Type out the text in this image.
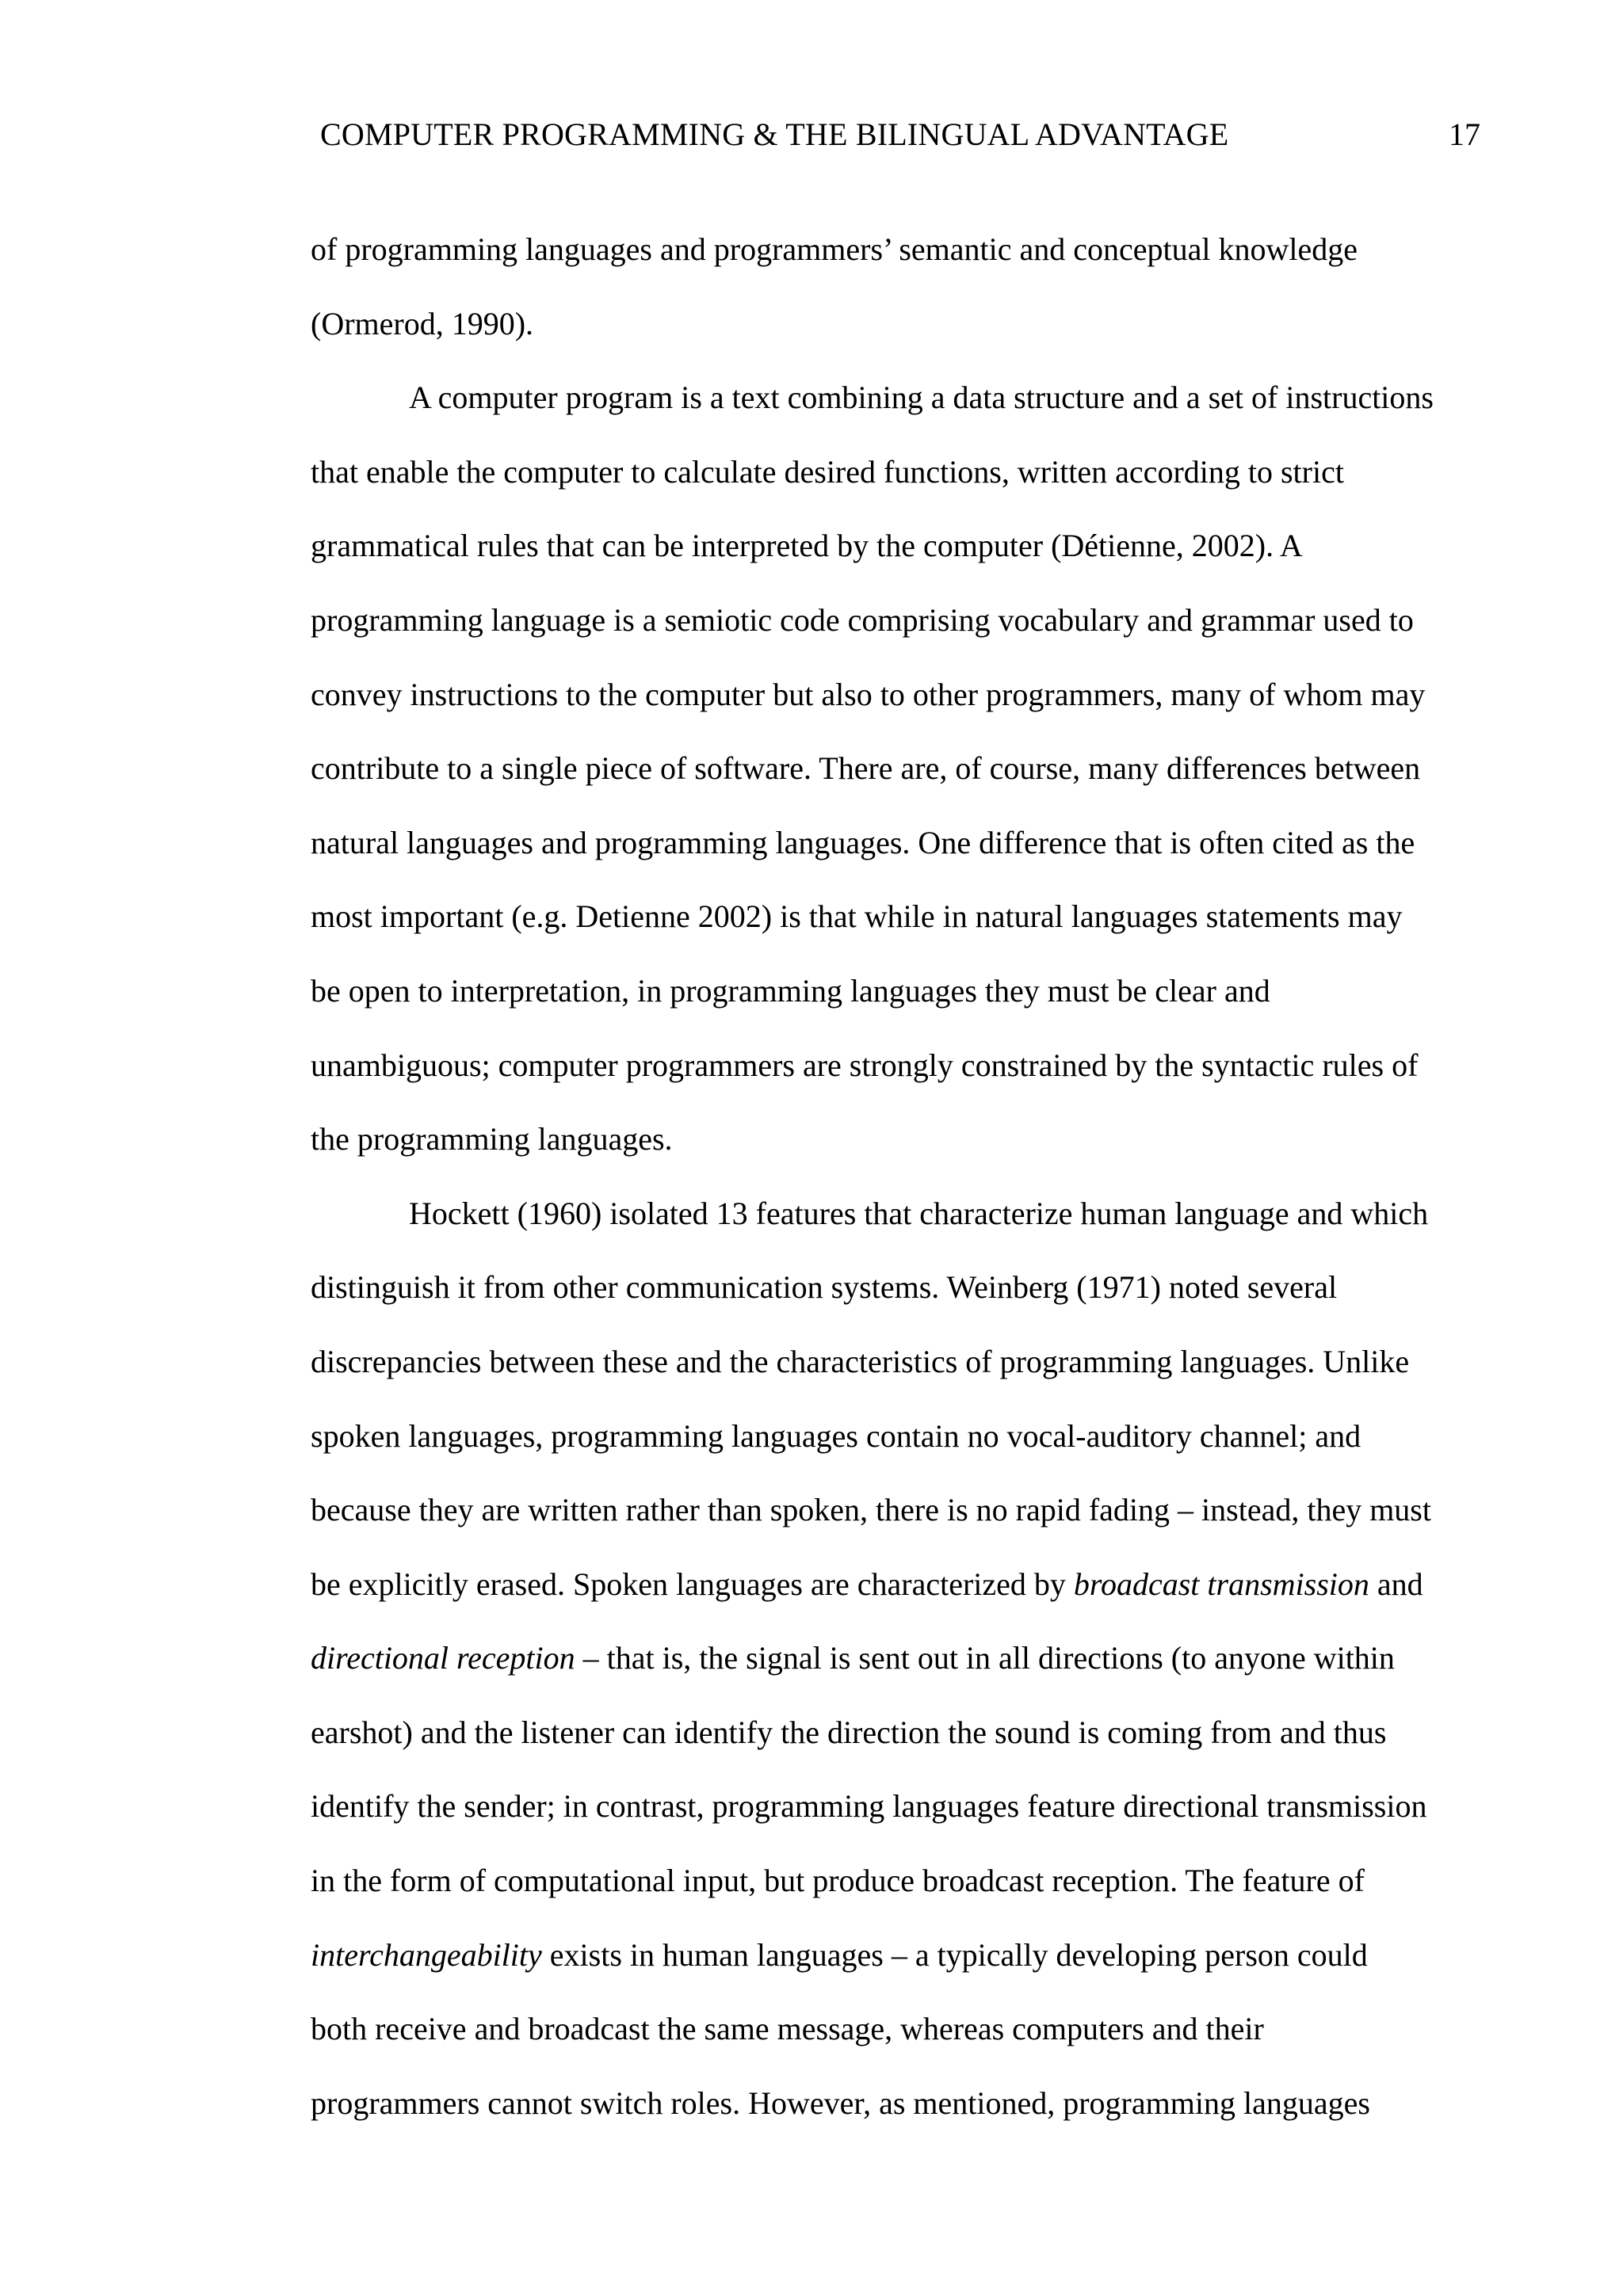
COMPUTER PROGRAMMING & THE BILINGUAL ADVANTAGE	17
of programming languages and programmers’ semantic and conceptual knowledge
(Ormerod, 1990).
A computer program is a text combining a data structure and a set of instructions
that enable the computer to calculate desired functions, written according to strict
grammatical rules that can be interpreted by the computer (Détienne, 2002). A
programming language is a semiotic code comprising vocabulary and grammar used to
convey instructions to the computer but also to other programmers, many of whom may
contribute to a single piece of software. There are, of course, many differences between
natural languages and programming languages. One difference that is often cited as the
most important (e.g. Detienne 2002) is that while in natural languages statements may
be open to interpretation, in programming languages they must be clear and
unambiguous; computer programmers are strongly constrained by the syntactic rules of
the programming languages.
Hockett (1960) isolated 13 features that characterize human language and which
distinguish it from other communication systems. Weinberg (1971) noted several
discrepancies between these and the characteristics of programming languages. Unlike
spoken languages, programming languages contain no vocal-auditory channel; and
because they are written rather than spoken, there is no rapid fading – instead, they must
be explicitly erased. Spoken languages are characterized by broadcast transmission and
directional reception – that is, the signal is sent out in all directions (to anyone within
earshot) and the listener can identify the direction the sound is coming from and thus
identify the sender; in contrast, programming languages feature directional transmission
in the form of computational input, but produce broadcast reception. The feature of
interchangeability exists in human languages – a typically developing person could
both receive and broadcast the same message, whereas computers and their
programmers cannot switch roles. However, as mentioned, programming languages
